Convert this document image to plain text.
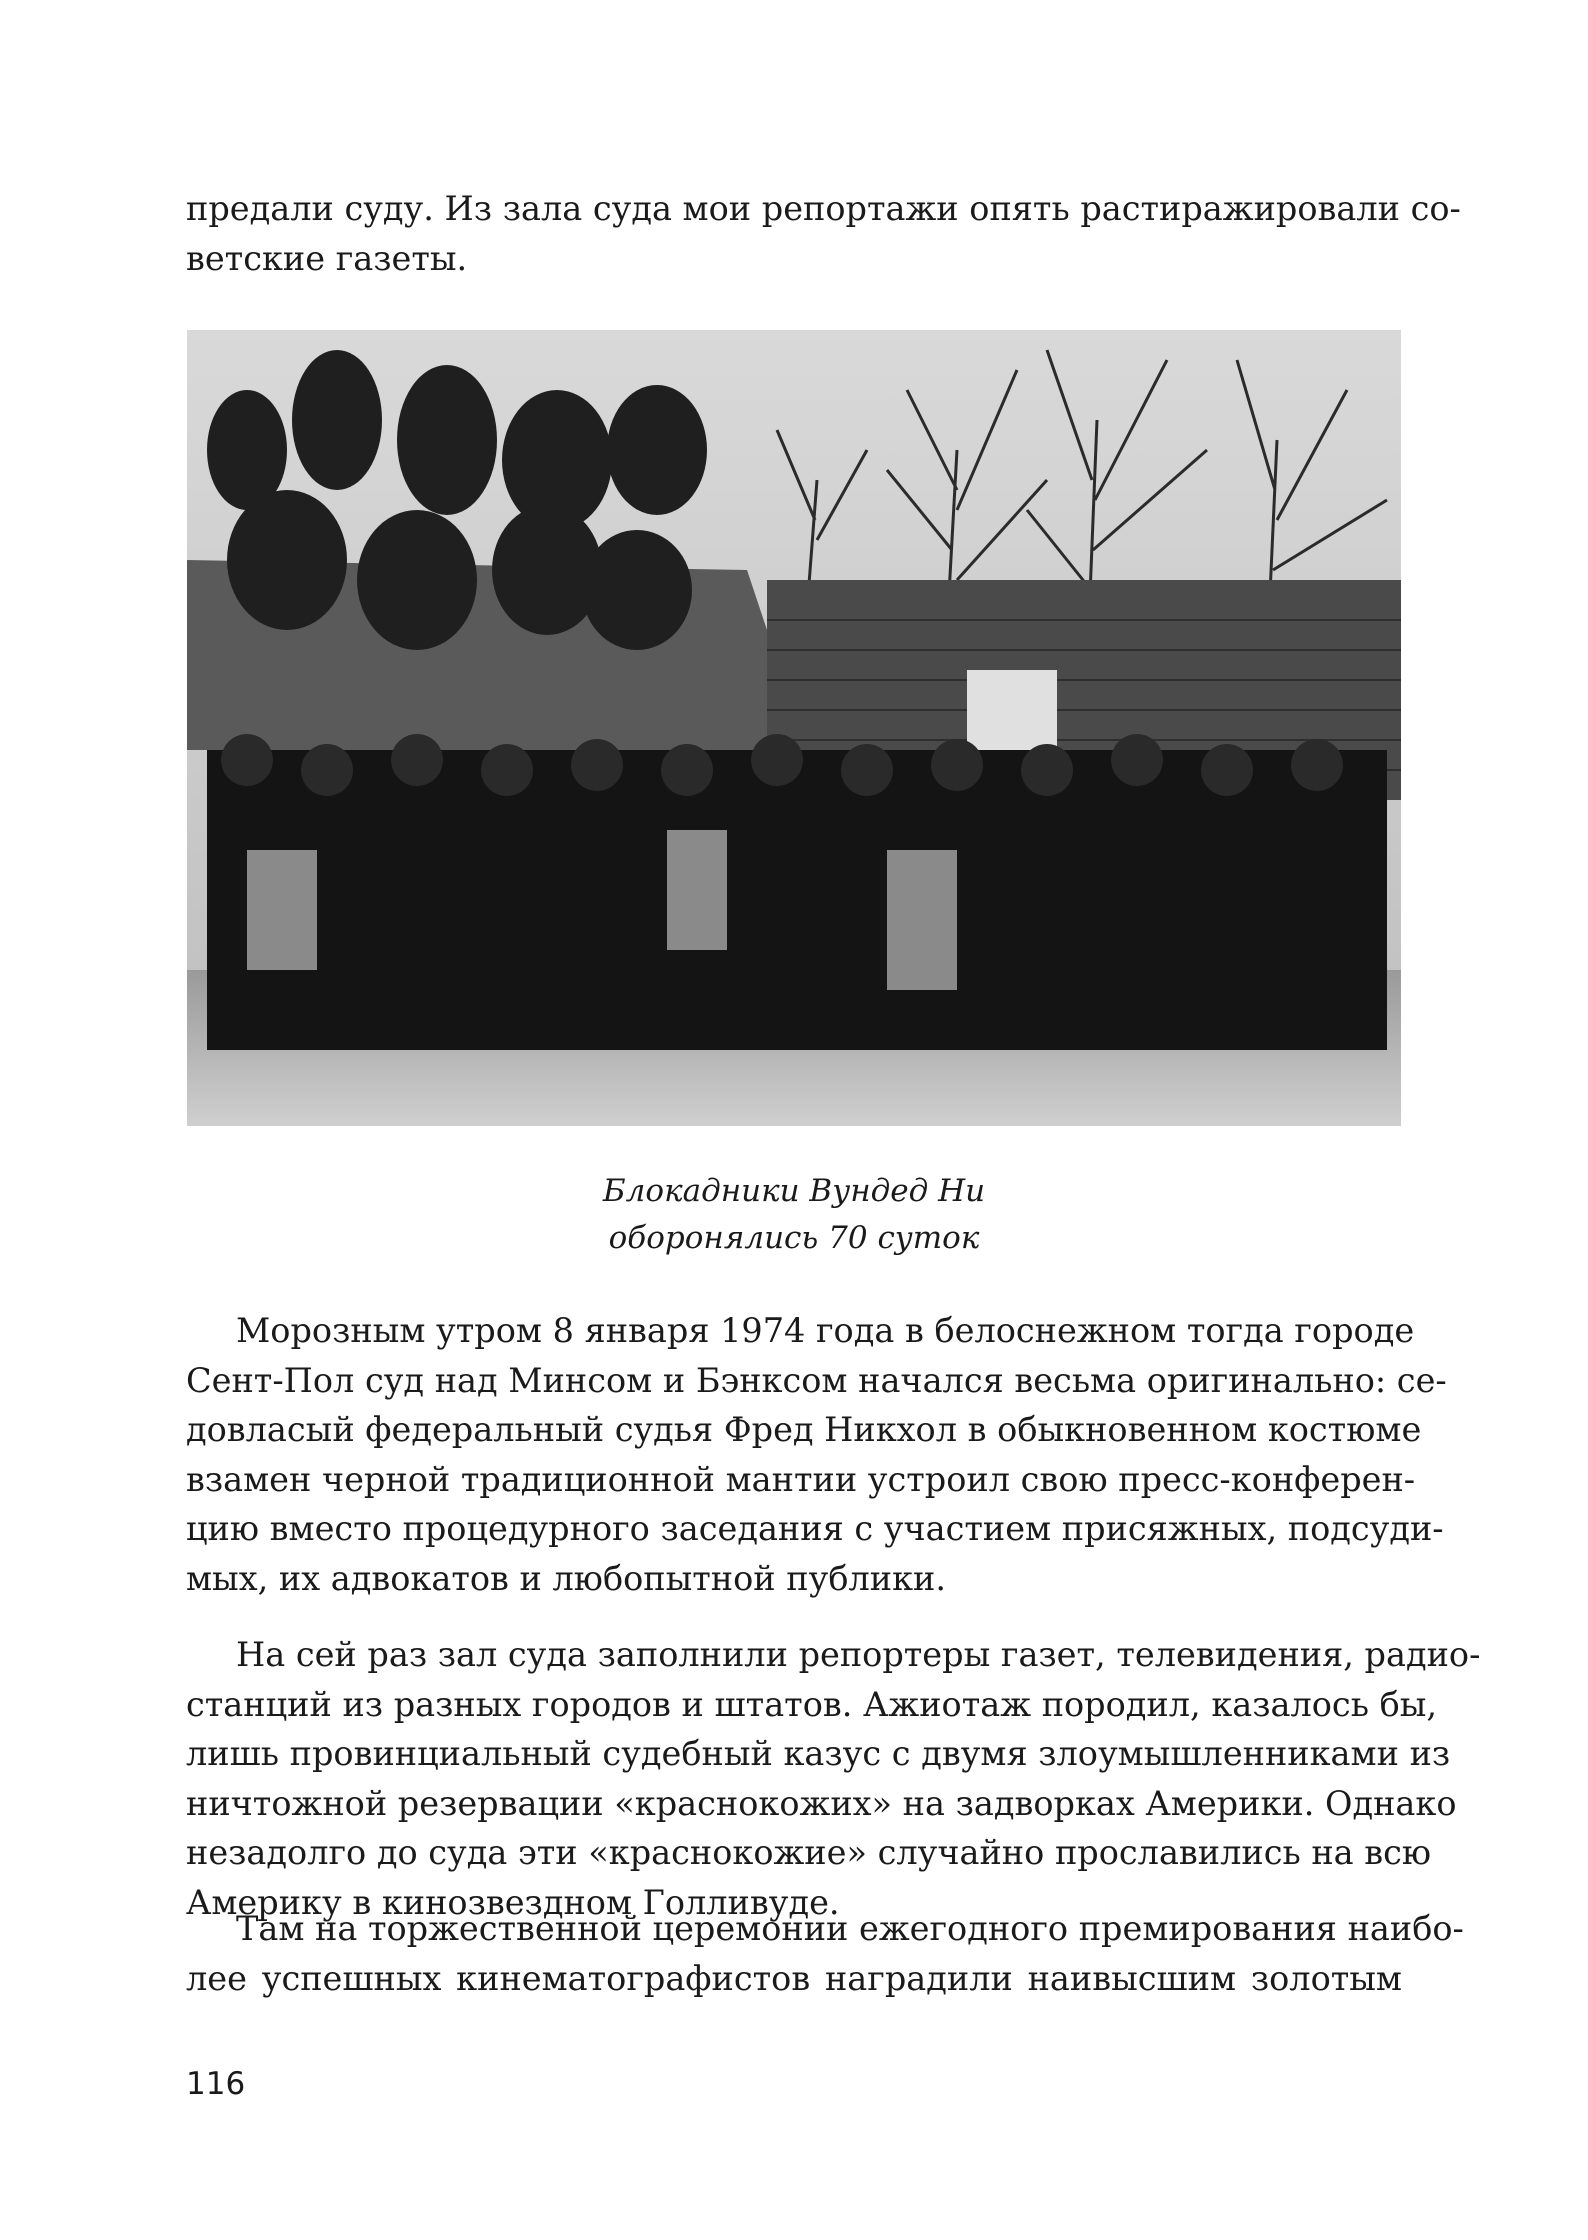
предали суду. Из зала суда мои репортажи опять растиражировали со-
ветские газеты.
Блокадники Вундед Ни
оборонялись 70 суток
Морозным утром 8 января 1974 года в белоснежном тогда городе
Сент-Пол суд над Минсом и Бэнксом начался весьма оригинально: се-
довласый федеральный судья Фред Никхол в обыкновенном костюме
взамен черной традиционной мантии устроил свою пресс-конферен-
цию вместо процедурного заседания с участием присяжных, подсуди-
мых, их адвокатов и любопытной публики.
На сей раз зал суда заполнили репортеры газет, телевидения, радио-
станций из разных городов и штатов. Ажиотаж породил, казалось бы,
лишь провинциальный судебный казус с двумя злоумышленниками из
ничтожной резервации «краснокожих» на задворках Америки. Однако
незадолго до суда эти «краснокожие» случайно прославились на всю
Америку в кинозвездном Голливуде.
Там на торжественной церемонии ежегодного премирования наибо-
лее успешных кинематографистов наградили наивысшим золотым
116
